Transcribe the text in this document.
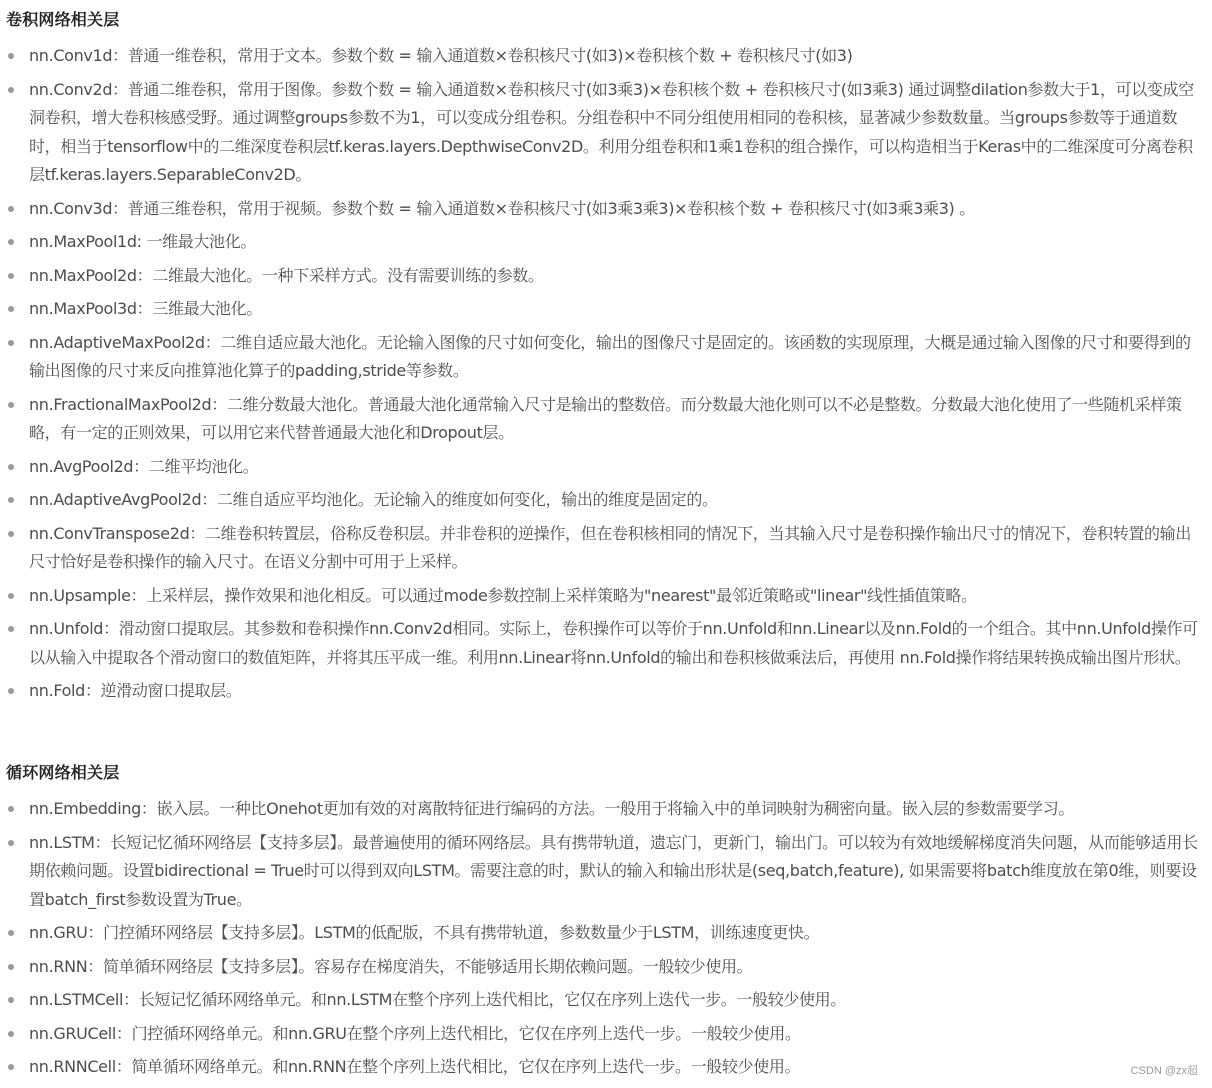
卷积网络相关层
nn.Conv1d：普通一维卷积，常用于文本。参数个数 = 输入通道数×卷积核尺寸(如3)×卷积核个数 + 卷积核尺寸(如3)
nn.Conv2d：普通二维卷积，常用于图像。参数个数 = 输入通道数×卷积核尺寸(如3乘3)×卷积核个数 + 卷积核尺寸(如3乘3) 通过调整dilation参数大于1，可以变成空洞卷积，增大卷积核感受野。通过调整groups参数不为1，可以变成分组卷积。分组卷积中不同分组使用相同的卷积核，显著减少参数数量。当groups参数等于通道数时，相当于tensorflow中的二维深度卷积层tf.keras.layers.DepthwiseConv2D。利用分组卷积和1乘1卷积的组合操作，可以构造相当于Keras中的二维深度可分离卷积层tf.keras.layers.SeparableConv2D。
nn.Conv3d：普通三维卷积，常用于视频。参数个数 = 输入通道数×卷积核尺寸(如3乘3乘3)×卷积核个数 + 卷积核尺寸(如3乘3乘3) 。
nn.MaxPool1d: 一维最大池化。
nn.MaxPool2d：二维最大池化。一种下采样方式。没有需要训练的参数。
nn.MaxPool3d：三维最大池化。
nn.AdaptiveMaxPool2d：二维自适应最大池化。无论输入图像的尺寸如何变化，输出的图像尺寸是固定的。该函数的实现原理，大概是通过输入图像的尺寸和要得到的输出图像的尺寸来反向推算池化算子的padding,stride等参数。
nn.FractionalMaxPool2d：二维分数最大池化。普通最大池化通常输入尺寸是输出的整数倍。而分数最大池化则可以不必是整数。分数最大池化使用了一些随机采样策略，有一定的正则效果，可以用它来代替普通最大池化和Dropout层。
nn.AvgPool2d：二维平均池化。
nn.AdaptiveAvgPool2d：二维自适应平均池化。无论输入的维度如何变化，输出的维度是固定的。
nn.ConvTranspose2d：二维卷积转置层，俗称反卷积层。并非卷积的逆操作，但在卷积核相同的情况下，当其输入尺寸是卷积操作输出尺寸的情况下，卷积转置的输出尺寸恰好是卷积操作的输入尺寸。在语义分割中可用于上采样。
nn.Upsample：上采样层，操作效果和池化相反。可以通过mode参数控制上采样策略为"nearest"最邻近策略或"linear"线性插值策略。
nn.Unfold：滑动窗口提取层。其参数和卷积操作nn.Conv2d相同。实际上，卷积操作可以等价于nn.Unfold和nn.Linear以及nn.Fold的一个组合。其中nn.Unfold操作可以从输入中提取各个滑动窗口的数值矩阵，并将其压平成一维。利用nn.Linear将nn.Unfold的输出和卷积核做乘法后，再使用 nn.Fold操作将结果转换成输出图片形状。
nn.Fold：逆滑动窗口提取层。
循环网络相关层
nn.Embedding：嵌入层。一种比Onehot更加有效的对离散特征进行编码的方法。一般用于将输入中的单词映射为稠密向量。嵌入层的参数需要学习。
nn.LSTM：长短记忆循环网络层【支持多层】。最普遍使用的循环网络层。具有携带轨道，遗忘门，更新门，输出门。可以较为有效地缓解梯度消失问题，从而能够适用长期依赖问题。设置bidirectional = True时可以得到双向LSTM。需要注意的时，默认的输入和输出形状是(seq,batch,feature), 如果需要将batch维度放在第0维，则要设置batch_first参数设置为True。
nn.GRU：门控循环网络层【支持多层】。LSTM的低配版，不具有携带轨道，参数数量少于LSTM，训练速度更快。
nn.RNN：简单循环网络层【支持多层】。容易存在梯度消失，不能够适用长期依赖问题。一般较少使用。
nn.LSTMCell：长短记忆循环网络单元。和nn.LSTM在整个序列上迭代相比，它仅在序列上迭代一步。一般较少使用。
nn.GRUCell：门控循环网络单元。和nn.GRU在整个序列上迭代相比，它仅在序列上迭代一步。一般较少使用。
nn.RNNCell：简单循环网络单元。和nn.RNN在整个序列上迭代相比，它仅在序列上迭代一步。一般较少使用。	CSDN @zx超
